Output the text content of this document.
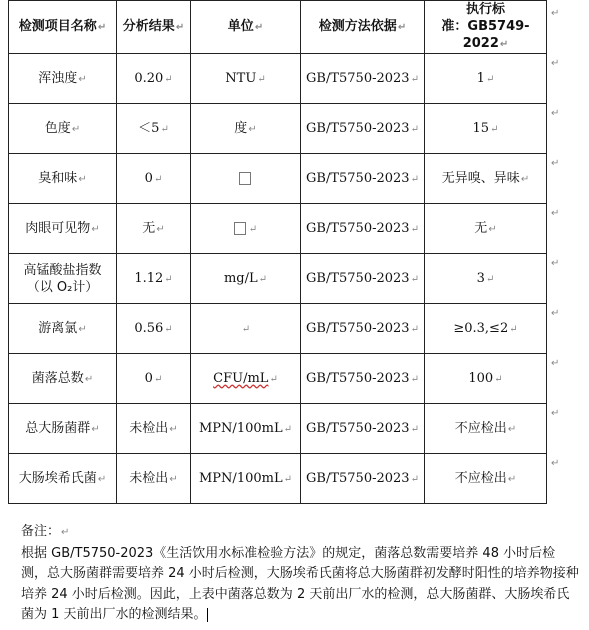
检测项目名称↵	分析结果↵	单位↵	检测方法依据↵	执行标
准：GB5749-2022↵

浑浊度↵	0.20↵	NTU↵	GB/T5750-2023↵	1↵
色度↵	＜5↵	度↵	GB/T5750-2023↵	15↵
臭和味↵	0↵		GB/T5750-2023↵	无异嗅、异味↵
肉眼可见物↵	无↵	↵	GB/T5750-2023↵	无↵

高锰酸盐指数
（以 O₂计）	1.12↵	mg/L↵	GB/T5750-2023↵	3↵
游离氯↵	0.56↵	↵	GB/T5750-2023↵	≥0.3,≤2↵
菌落总数↵	0↵	CFU/mL↵	GB/T5750-2023↵	100↵
总大肠菌群↵	未检出↵	MPN/100mL↵	GB/T5750-2023↵	不应检出↵
大肠埃希氏菌↵	未检出↵	MPN/100mL↵	GB/T5750-2023↵	不应检出↵
↵
↵
↵
↵
↵
↵
↵
↵
↵
↵

备注：↵

根据 GB/T5750-2023《生活饮用水标准检验方法》的规定，菌落总数需要培养 48 小时后检测，总大肠菌群需要培养 24 小时后检测，大肠埃希氏菌将总大肠菌群初发酵时阳性的培养物接种培养 24 小时后检测。因此，上表中菌落总数为 2 天前出厂水的检测，总大肠菌群、大肠埃希氏菌为 1 天前出厂水的检测结果。
